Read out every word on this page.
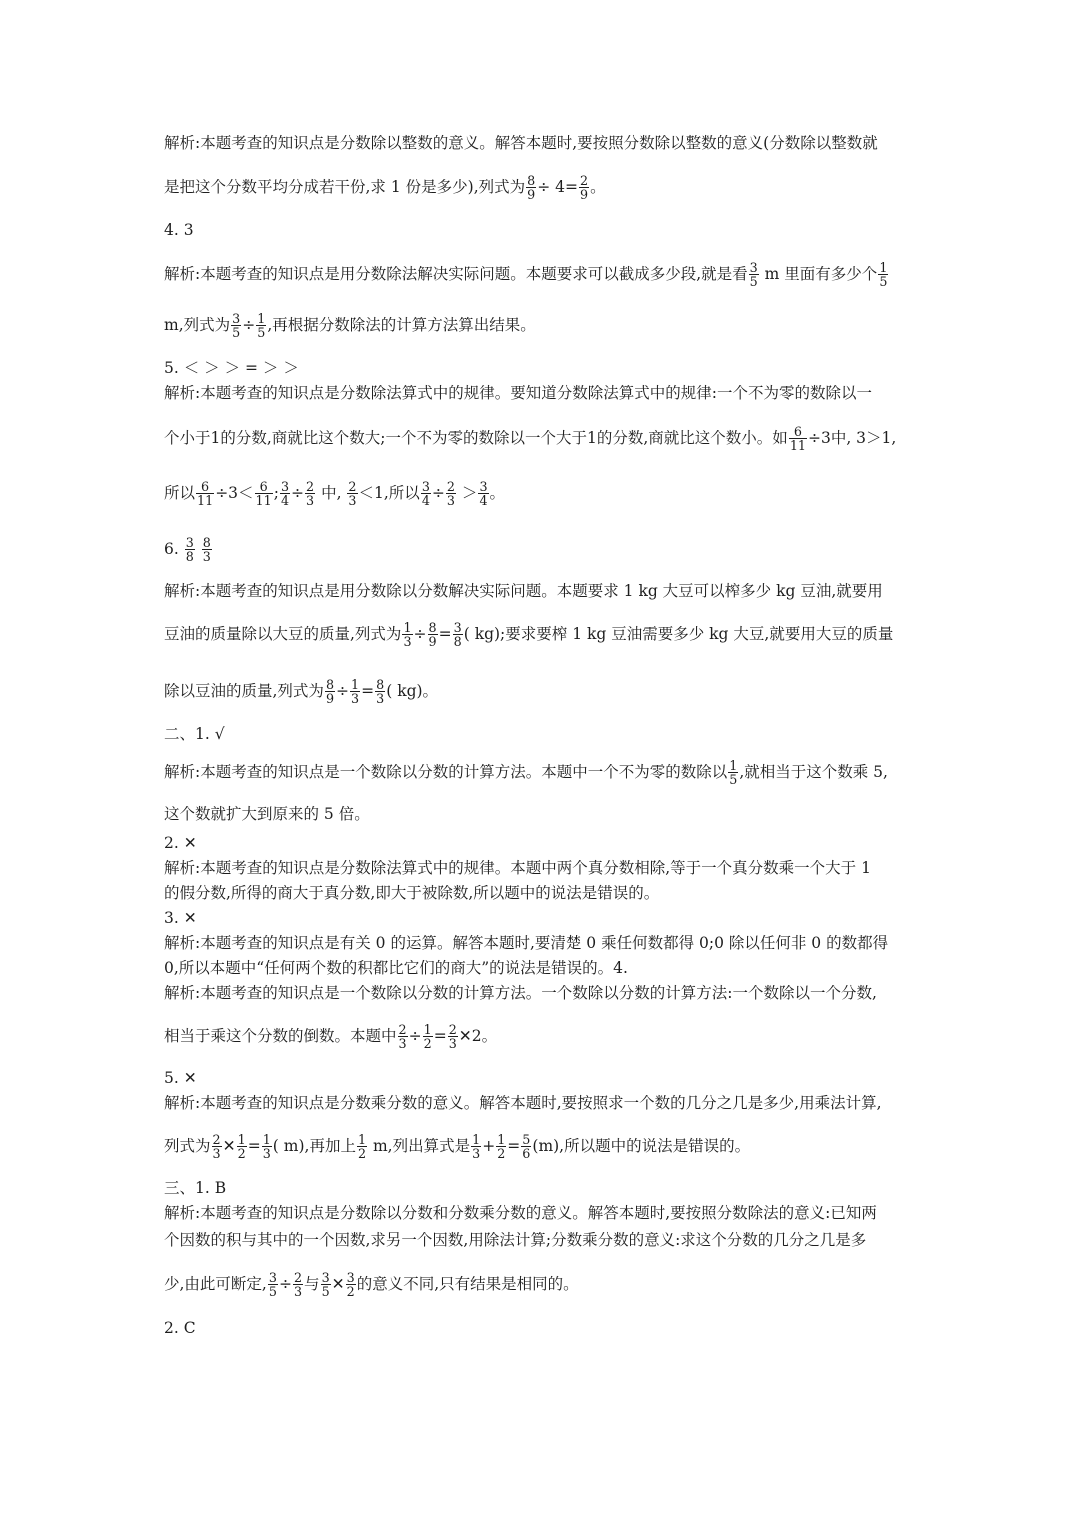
解析:本题考查的知识点是分数除以整数的意义。解答本题时,要按照分数除以整数的意义(分数除以整数就
是把这个分数平均分成若干份,求 1 份是多少),列式为 $\frac{8}{9} \div 4= \frac{2}{9}$ 。
4. 3
解析:本题考查的知识点是用分数除法解决实际问题。本题要求可以截成多少段,就是看 $\frac{3}{5}$ m 里面有多少个 $\frac{1}{5}$
m,列式为 $\frac{3}{5} \div \frac{1}{5}$ ,再根据分数除法的计算方法算出结果。
5. ＜ ＞ ＞ = ＞ ＞
解析:本题考查的知识点是分数除法算式中的规律。要知道分数除法算式中的规律:一个不为零的数除以一
个小于1的分数,商就比这个数大;一个不为零的数除以一个大于1的分数,商就比这个数小。如 $\frac{6}{11} \div 3$中, 3＞1,
所以 $\frac{6}{11} \div 3< \frac{6}{11}$ ; $\frac{3}{4} \div \frac{2}{3}$ 中, $\frac{2}{3} <1$,所以 $\frac{3}{4} \div \frac{2}{3} > \frac{3}{4}$ 。
6. $\frac{3}{8}$
$\frac{8}{3}$
解析:本题考查的知识点是用分数除以分数解决实际问题。本题要求 1 kg 大豆可以榨多少 kg 豆油,就要用
豆油的质量除以大豆的质量,列式为 $\frac{1}{3} \div \frac{8}{9} = \frac{3}{8}$ ( kg);要求要榨 1 kg 豆油需要多少 kg 大豆,就要用大豆的质量
除以豆油的质量,列式为 $\frac{8}{9} \div \frac{1}{3} = \frac{8}{3}$ ( kg)。
二、1. √
解析:本题考查的知识点是一个数除以分数的计算方法。本题中一个不为零的数除以 $\frac{1}{5}$ ,就相当于这个数乘 5,
这个数就扩大到原来的 5 倍。
2. ✕
解析:本题考查的知识点是分数除法算式中的规律。本题中两个真分数相除,等于一个真分数乘一个大于 1
的假分数,所得的商大于真分数,即大于被除数,所以题中的说法是错误的。
3. ✕
解析:本题考查的知识点是有关 0 的运算。解答本题时,要清楚 0 乘任何数都得 0;0 除以任何非 0 的数都得
0,所以本题中“任何两个数的积都比它们的商大”的说法是错误的。4.
解析:本题考查的知识点是一个数除以分数的计算方法。一个数除以分数的计算方法:一个数除以一个分数,
相当于乘这个分数的倒数。本题中 $\frac{2}{3} \div \frac{1}{2} = \frac{2}{3}$ ✕2。
5. ✕
解析:本题考查的知识点是分数乘分数的意义。解答本题时,要按照求一个数的几分之几是多少,用乘法计算,
列式为 $\frac{2}{3}$ ✕ $\frac{1}{2} = \frac{1}{3}$ ( m),再加上 $\frac{1}{2} m$,列出算式是 $\frac{1}{3} + \frac{1}{2} = \frac{5}{6} (m)$,所以题中的说法是错误的。
三、1. B
解析:本题考查的知识点是分数除以分数和分数乘分数的意义。解答本题时,要按照分数除法的意义:已知两
个因数的积与其中的一个因数,求另一个因数,用除法计算;分数乘分数的意义:求这个分数的几分之几是多
少,由此可断定, $\frac{3}{5} \div \frac{2}{3}$ 与 $\frac{3}{5}$ ✕ $\frac{3}{2}$ 的意义不同,只有结果是相同的。
2. C
